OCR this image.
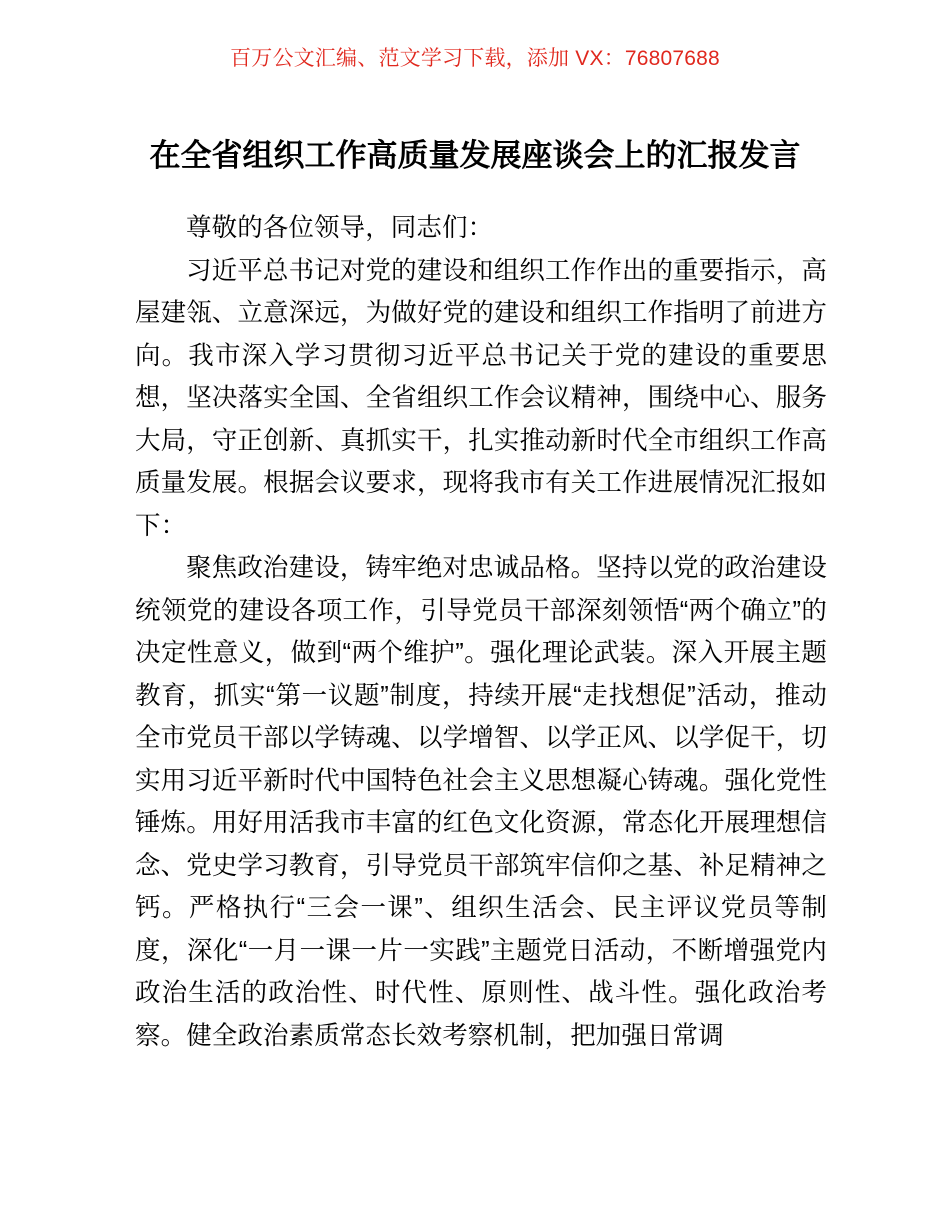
百万公文汇编、范文学习下载，添加 VX：76807688
在全省组织工作高质量发展座谈会上的汇报发言

尊敬的各位领导，同志们：

习近平总书记对党的建设和组织工作作出的重要指示，高屋建瓴、立意深远，为做好党的建设和组织工作指明了前进方向。我市深入学习贯彻习近平总书记关于党的建设的重要思想，坚决落实全国、全省组织工作会议精神，围绕中心、服务大局，守正创新、真抓实干，扎实推动新时代全市组织工作高质量发展。根据会议要求，现将我市有关工作进展情况汇报如下：

聚焦政治建设，铸牢绝对忠诚品格。坚持以党的政治建设统领党的建设各项工作，引导党员干部深刻领悟“两个确立”的决定性意义，做到“两个维护”。强化理论武装。深入开展主题教育，抓实“第一议题”制度，持续开展“走找想促”活动，推动全市党员干部以学铸魂、以学增智、以学正风、以学促干，切实用习近平新时代中国特色社会主义思想凝心铸魂。强化党性锤炼。用好用活我市丰富的红色文化资源，常态化开展理想信念、党史学习教育，引导党员干部筑牢信仰之基、补足精神之钙。严格执行“三会一课”、组织生活会、民主评议党员等制度，深化“一月一课一片一实践”主题党日活动，不断增强党内政治生活的政治性、时代性、原则性、战斗性。强化政治考察。健全政治素质常态长效考察机制，把加强日常调
